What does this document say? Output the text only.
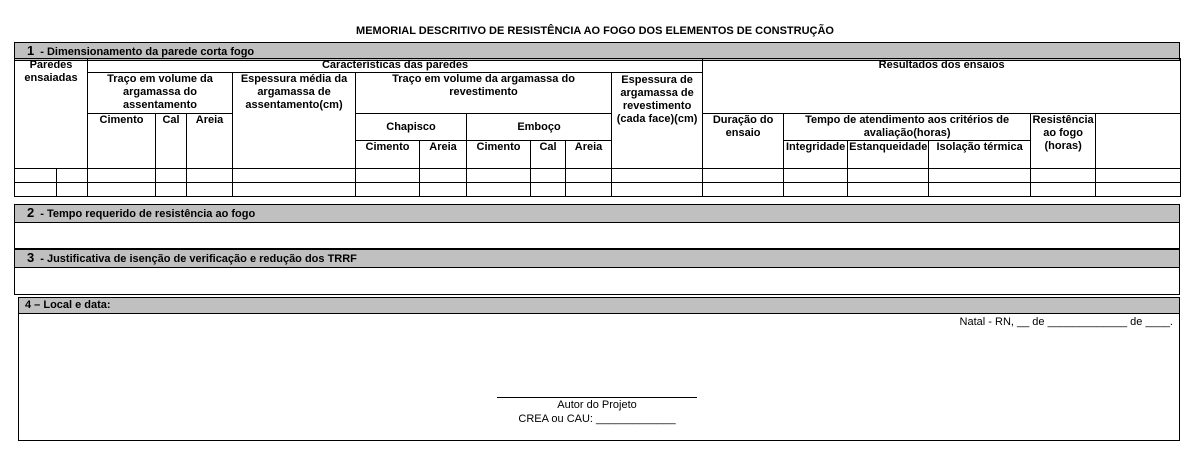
MEMORIAL DESCRITIVO DE RESISTÊNCIA AO FOGO DOS ELEMENTOS DE CONSTRUÇÃO
1 - Dimensionamento da parede corta fogo
Paredes ensaiadas		Características das paredes										Resultados dos ensaios						
		Traço em volume da argamassa do assentamento			Espessura média da argamassa de assentamento(cm)	Traço em volume da argamassa do revestimento					Espessura de argamassa de revestimento (cada face)(cm)	
		Cimento	Cal	Areia		Chapisco		Emboço				Duração do ensaio	Tempo de atendimento aos critérios de avaliação(horas)			Resistência ao fogo (horas)		
						Cimento	Areia	Cimento	Cal	Areia			Integridade	Estanqueidade	Isolação térmica			

2 - Tempo requerido de resistência ao fogo
3 - Justificativa de isenção de verificação e redução dos TRRF
4 – Local e data:
Natal - RN, __ de _____________ de ____.
Autor do Projeto
CREA ou CAU: _____________
